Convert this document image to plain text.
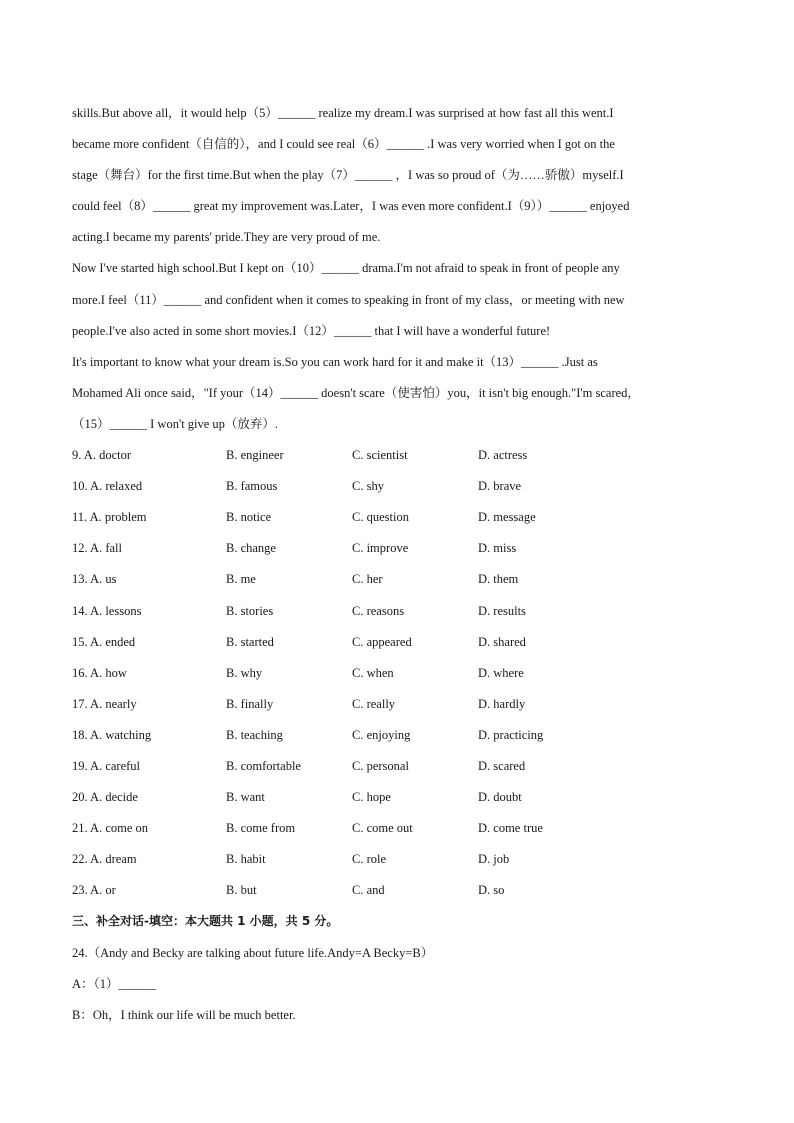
skills.But above all，it would help（5）______ realize my dream.I was surprised at how fast all this went.I
became more confident（自信的），and I could see real（6）______ .I was very worried when I got on the
stage（舞台）for the first time.But when the play（7）______ ，I was so proud of（为……骄傲）myself.I
could feel（8）______ great my improvement was.Later，I was even more confident.I（9））______ enjoyed
acting.I became my parents' pride.They are very proud of me.
Now I've started high school.But I kept on（10）______ drama.I'm not afraid to speak in front of people any
more.I feel（11）______ and confident when it comes to speaking in front of my class，or meeting with new
people.I've also acted in some short movies.I（12）______ that I will have a wonderful future!
It's important to know what your dream is.So you can work hard for it and make it（13）______ .Just as
Mohamed Ali once said，"If your（14）______ doesn't scare（使害怕）you，it isn't big enough."I'm scared，
（15）______ I won't give up（放弃）.
9. A. doctor	B. engineer	C. scientist	D. actress
10. A. relaxed	B. famous	C. shy	D. brave
11. A. problem	B. notice	C. question	D. message
12. A. fall	B. change	C. improve	D. miss
13. A. us	B. me	C. her	D. them
14. A. lessons	B. stories	C. reasons	D. results
15. A. ended	B. started	C. appeared	D. shared
16. A. how	B. why	C. when	D. where
17. A. nearly	B. finally	C. really	D. hardly
18. A. watching	B. teaching	C. enjoying	D. practicing
19. A. careful	B. comfortable	C. personal	D. scared
20. A. decide	B. want	C. hope	D. doubt
21. A. come on	B. come from	C. come out	D. come true
22. A. dream	B. habit	C. role	D. job
23. A. or	B. but	C. and	D. so
三、补全对话-填空：本大题共 1 小题，共 5 分。
24.（Andy and Becky are talking about future life.Andy=A Becky=B）
A：（1）______
B：Oh，I think our life will be much better.
